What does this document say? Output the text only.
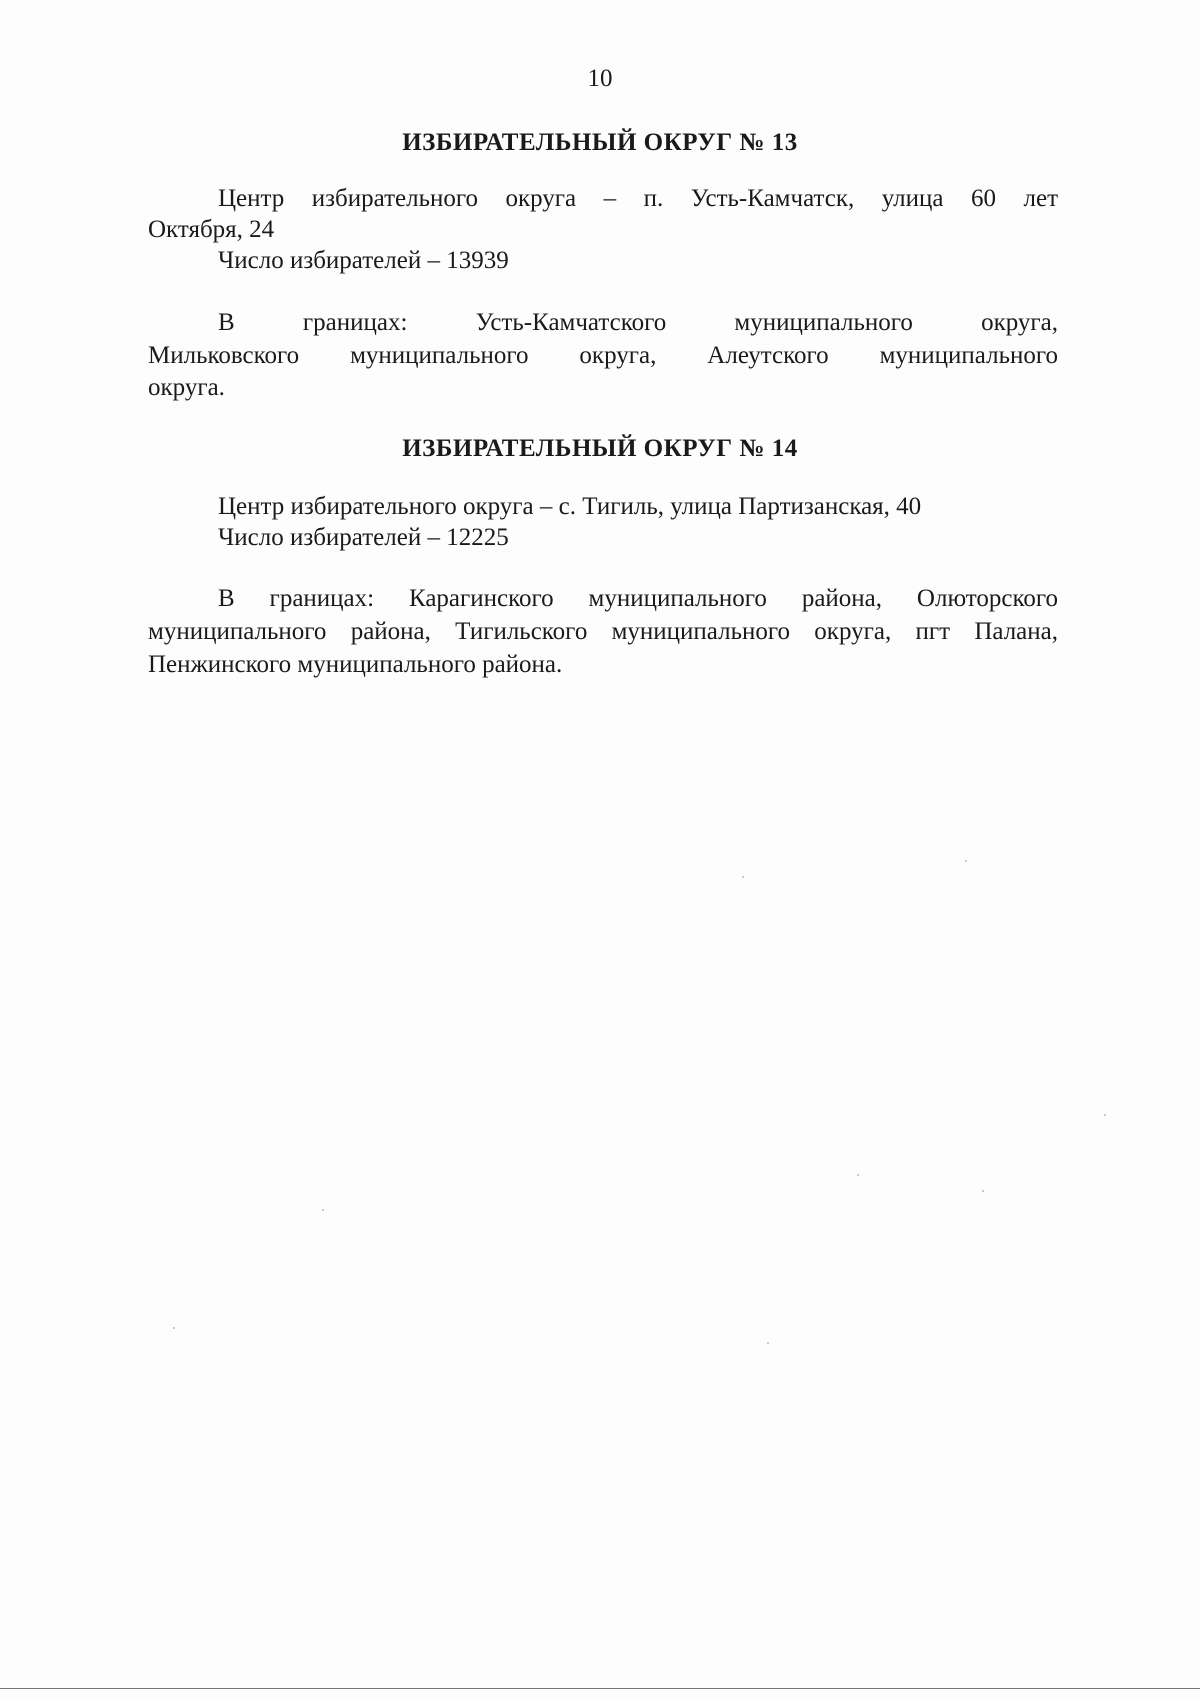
10
ИЗБИРАТЕЛЬНЫЙ ОКРУГ № 13
Центр избирательного округа – п. Усть-Камчатск, улица 60 лет
Октября, 24
Число избирателей – 13939
В границах: Усть-Камчатского муниципального округа,
Мильковского муниципального округа, Алеутского муниципального
округа.
ИЗБИРАТЕЛЬНЫЙ ОКРУГ № 14
Центр избирательного округа – с. Тигиль, улица Партизанская, 40
Число избирателей – 12225
В границах: Карагинского муниципального района, Олюторского
муниципального района, Тигильского муниципального округа, пгт Палана,
Пенжинского муниципального района.
